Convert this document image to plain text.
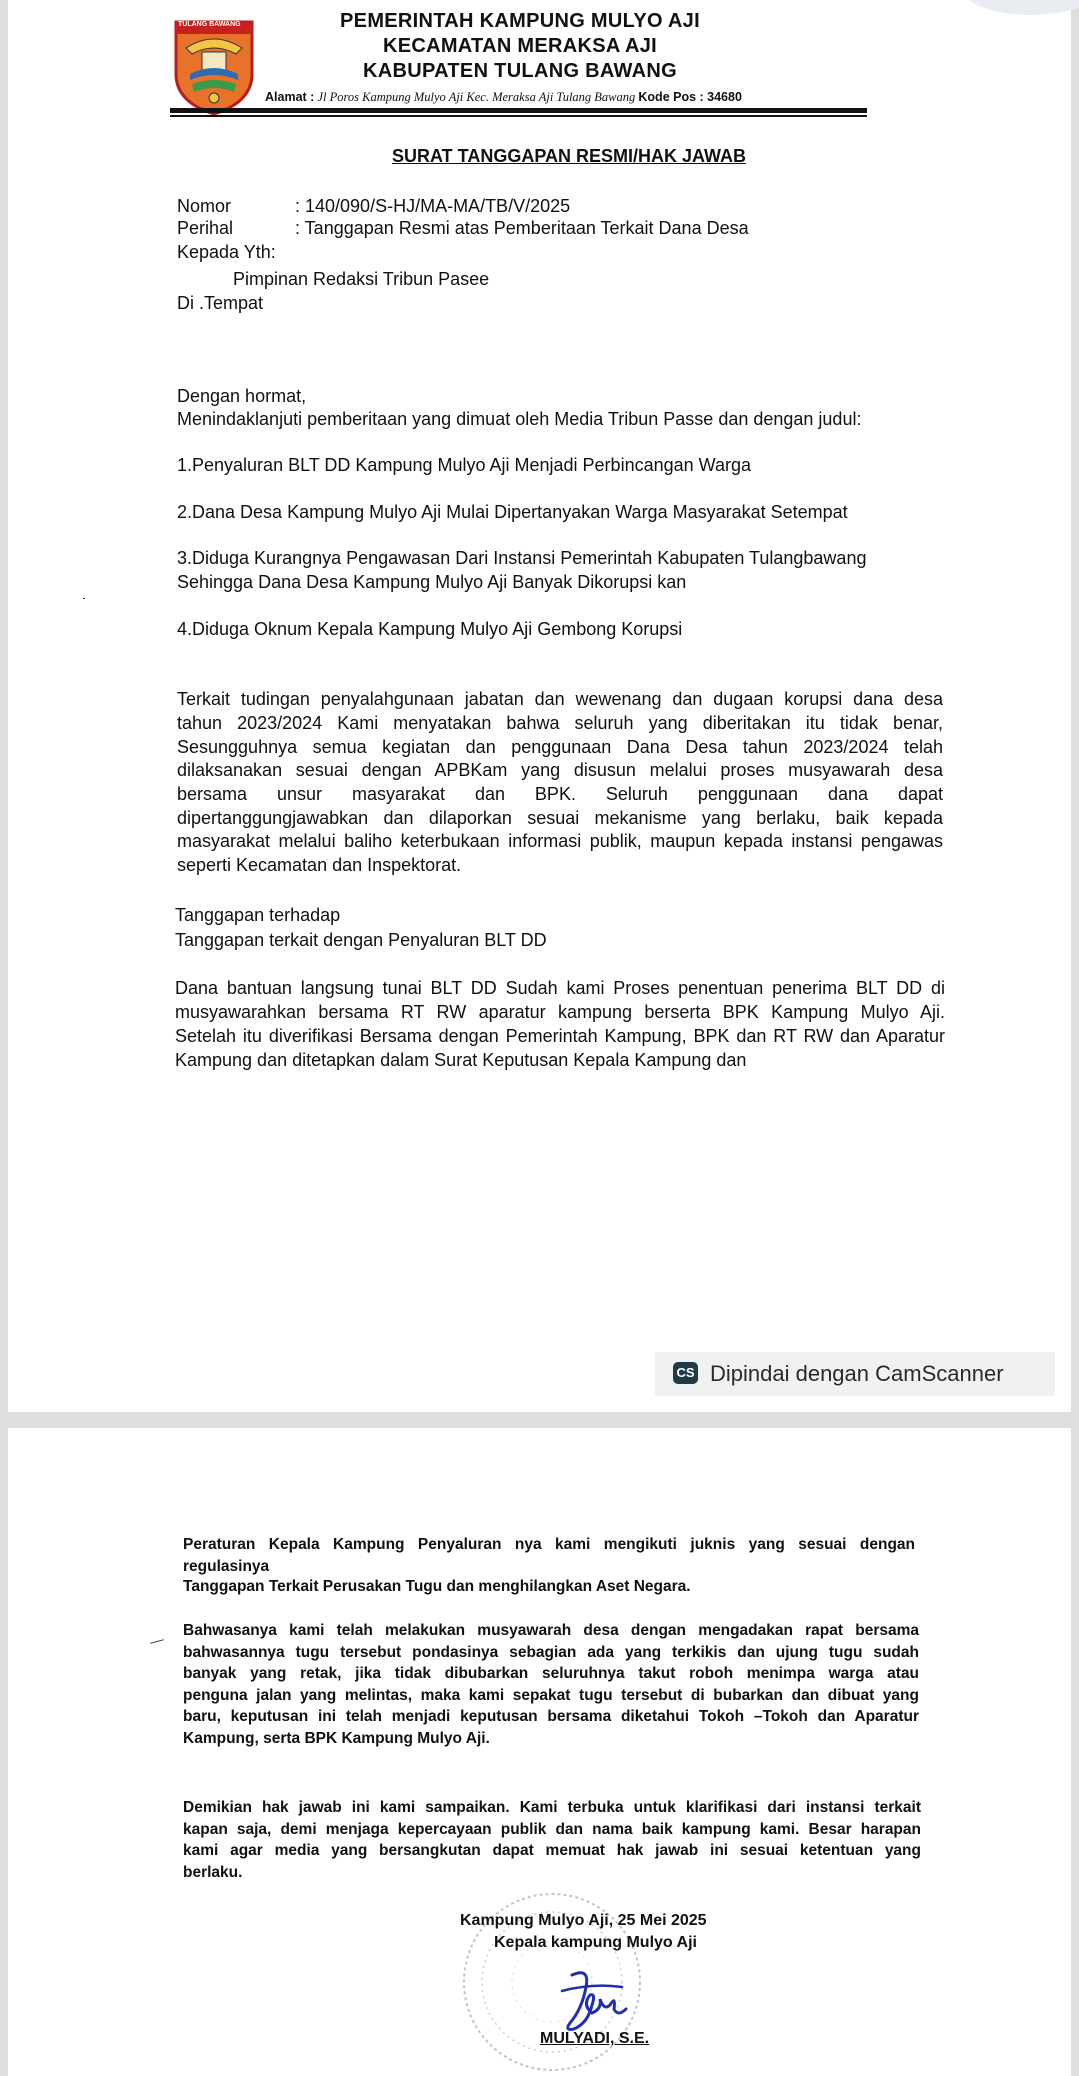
TULANG BAWANG	PEMERINTAH KAMPUNG MULYO AJI
KECAMATAN MERAKSA AJI
KABUPATEN TULANG BAWANG
Alamat : Jl Poros Kampung Mulyo Aji Kec. Meraksa Aji Tulang Bawang Kode Pos : 34680
SURAT TANGGAPAN RESMI/HAK JAWAB
Nomor	: 140/090/S-HJ/MA-MA/TB/V/2025
Perihal	: Tanggapan Resmi atas Pemberitaan Terkait Dana Desa
Kepada Yth:
Pimpinan Redaksi Tribun Pasee
Di .Tempat
Dengan hormat,
Menindaklanjuti pemberitaan yang dimuat oleh Media Tribun Passe dan dengan judul:
1.Penyaluran BLT DD Kampung Mulyo Aji Menjadi Perbincangan Warga
2.Dana Desa Kampung Mulyo Aji Mulai Dipertanyakan Warga Masyarakat Setempat
3.Diduga Kurangnya Pengawasan Dari Instansi Pemerintah Kabupaten Tulangbawang
Sehingga Dana Desa Kampung Mulyo Aji Banyak Dikorupsi kan
4.Diduga Oknum Kepala Kampung Mulyo Aji Gembong Korupsi
Terkait tudingan penyalahgunaan jabatan dan wewenang dan dugaan korupsi dana desa
tahun 2023/2024 Kami menyatakan bahwa seluruh yang diberitakan itu tidak benar,
Sesungguhnya semua kegiatan dan penggunaan Dana Desa tahun 2023/2024 telah
dilaksanakan sesuai dengan APBKam yang disusun melalui proses musyawarah desa
bersama unsur masyarakat dan BPK. Seluruh penggunaan dana dapat
dipertanggungjawabkan dan dilaporkan sesuai mekanisme yang berlaku, baik kepada
masyarakat melalui baliho keterbukaan informasi publik, maupun kepada instansi pengawas
seperti Kecamatan dan Inspektorat.
Tanggapan terhadap
Tanggapan terkait dengan Penyaluran BLT DD
Dana bantuan langsung tunai BLT DD Sudah kami Proses penentuan penerima BLT DD di
musyawarahkan bersama RT RW aparatur kampung berserta BPK Kampung Mulyo Aji.
Setelah itu diverifikasi Bersama dengan Pemerintah Kampung, BPK dan RT RW dan Aparatur
Kampung dan ditetapkan dalam Surat Keputusan Kepala Kampung dan
CS Dipindai dengan CamScanner
Peraturan Kepala Kampung Penyaluran nya kami mengikuti juknis yang sesuai dengan
regulasinya
Tanggapan Terkait Perusakan Tugu dan menghilangkan Aset Negara.
Bahwasanya kami telah melakukan musyawarah desa dengan mengadakan rapat bersama
bahwasannya tugu tersebut pondasinya sebagian ada yang terkikis dan ujung tugu sudah
banyak yang retak, jika tidak dibubarkan seluruhnya takut roboh menimpa warga atau
penguna jalan yang melintas, maka kami sepakat tugu tersebut di bubarkan dan dibuat yang
baru, keputusan ini telah menjadi keputusan bersama diketahui Tokoh –Tokoh dan Aparatur
Kampung, serta BPK Kampung Mulyo Aji.
Demikian hak jawab ini kami sampaikan. Kami terbuka untuk klarifikasi dari instansi terkait
kapan saja, demi menjaga kepercayaan publik dan nama baik kampung kami. Besar harapan
kami agar media yang bersangkutan dapat memuat hak jawab ini sesuai ketentuan yang
berlaku.
Kampung Mulyo Aji, 25 Mei 2025
Kepala kampung Mulyo Aji
MULYADI, S.E.
